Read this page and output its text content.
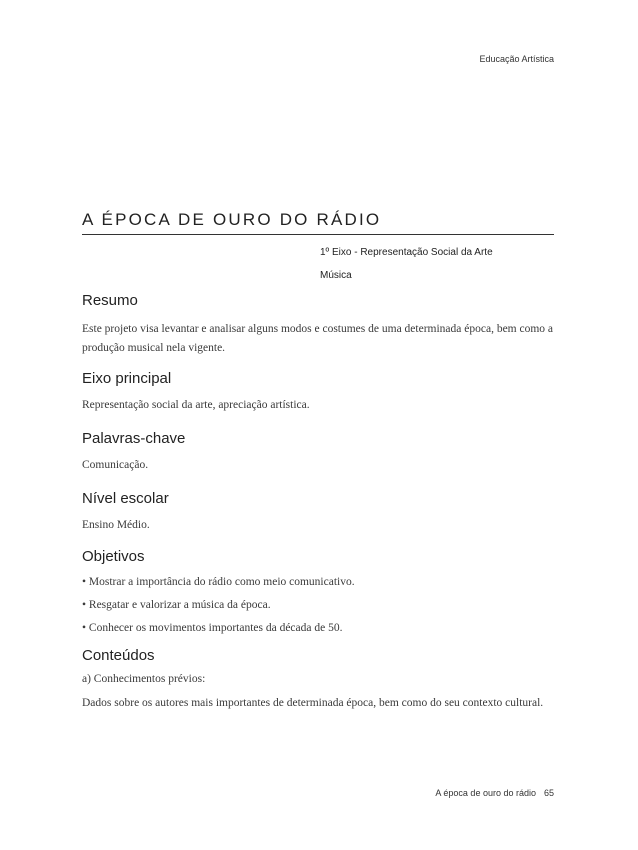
Educação Artística
A ÉPOCA DE OURO DO RÁDIO
1º Eixo - Representação Social da Arte
Música
Resumo

Este projeto visa levantar e analisar alguns modos e costumes de uma determinada época, bem como a produção musical nela vigente.

Eixo principal

Representação social da arte, apreciação artística.

Palavras-chave

Comunicação.

Nível escolar

Ensino Médio.

Objetivos

• Mostrar a importância do rádio como meio comunicativo.

• Resgatar e valorizar a música da época.

• Conhecer os movimentos importantes da década de 50.

Conteúdos

a) Conhecimentos prévios:

Dados sobre os autores mais importantes de determinada época, bem como do seu contexto cultural.

A época de ouro do rádio 65
